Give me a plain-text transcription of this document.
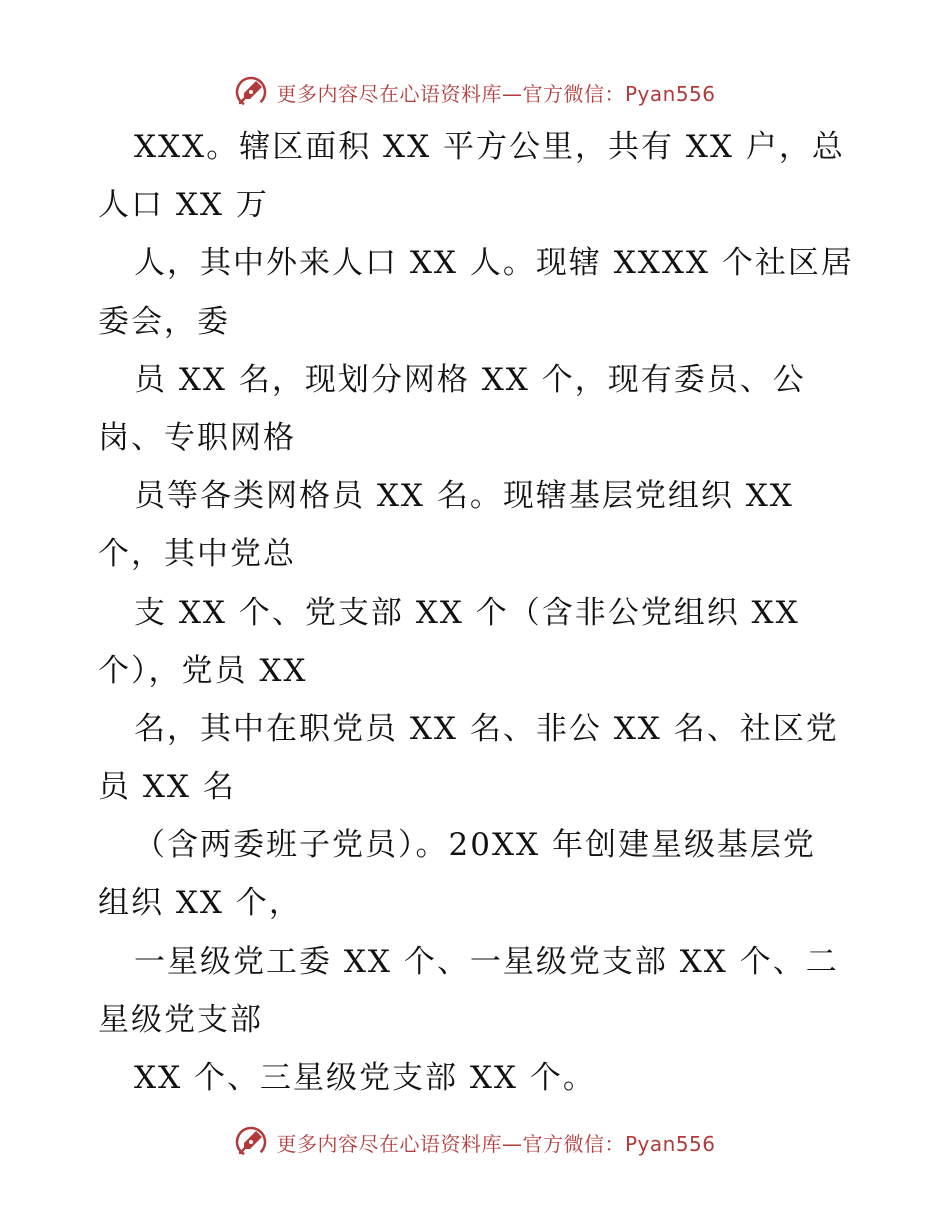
更多内容尽在心语资料库—官方微信：Pyan556
XXX。辖区面积 XX 平方公里，共有 XX 户，总
人口 XX 万
人，其中外来人口 XX 人。现辖 XXXX 个社区居
委会，委
员 XX 名，现划分网格 XX 个，现有委员、公
岗、专职网格
员等各类网格员 XX 名。现辖基层党组织 XX
个，其中党总
支 XX 个、党支部 XX 个（含非公党组织 XX
个），党员 XX
名，其中在职党员 XX 名、非公 XX 名、社区党
员 XX 名
（含两委班子党员）。20XX 年创建星级基层党
组织 XX 个，
一星级党工委 XX 个、一星级党支部 XX 个、二
星级党支部
XX 个、三星级党支部 XX 个。
更多内容尽在心语资料库—官方微信：Pyan556
